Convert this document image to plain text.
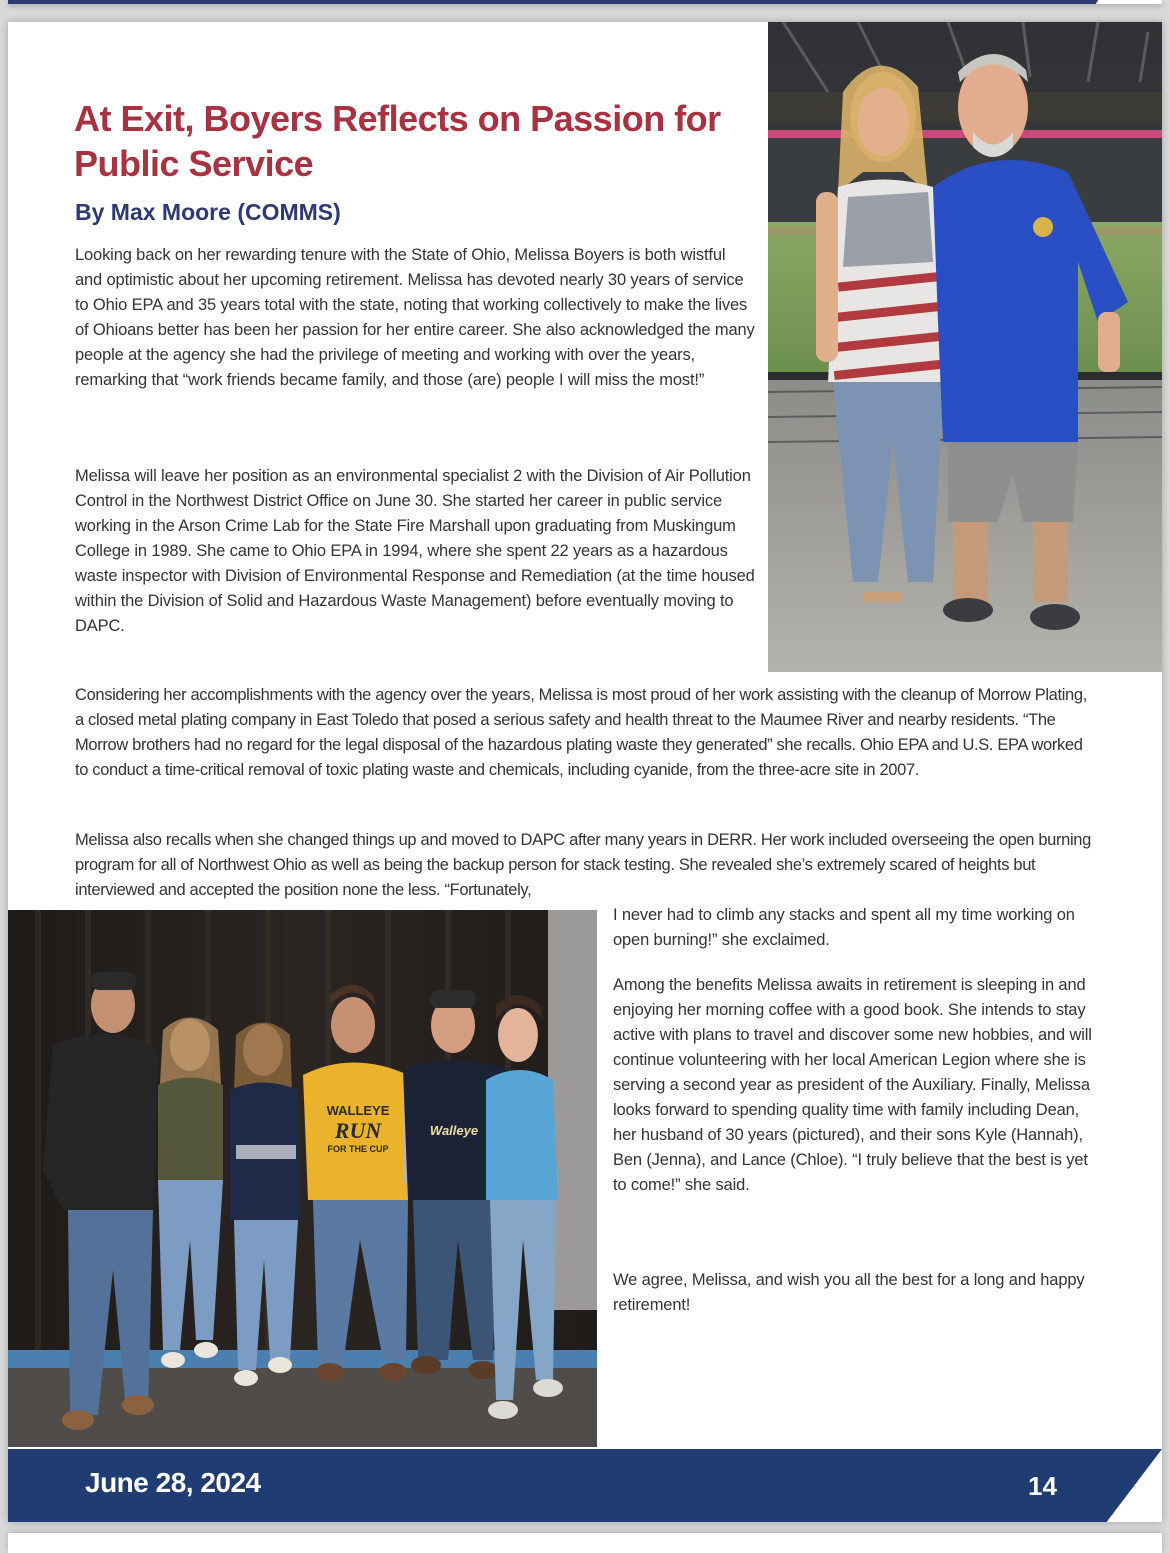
At Exit, Boyers Reflects on Passion for Public Service
By Max Moore (COMMS)

Looking back on her rewarding tenure with the State of Ohio, Melissa Boyers is both wistful and optimistic about her upcoming retirement. Melissa has devoted nearly 30 years of service to Ohio EPA and 35 years total with the state, noting that working collectively to make the lives of Ohioans better has been her passion for her entire career. She also acknowledged the many people at the agency she had the privilege of meeting and working with over the years, remarking that “work friends became family, and those (are) people I will miss the most!”

Melissa will leave her position as an environmental specialist 2 with the Division of Air Pollution Control in the Northwest District Office on June 30. She started her career in public service working in the Arson Crime Lab for the State Fire Marshall upon graduating from Muskingum College in 1989. She came to Ohio EPA in 1994, where she spent 22 years as a hazardous waste inspector with Division of Environmental Response and Remediation (at the time housed within the Division of Solid and Hazardous Waste Management) before eventually moving to DAPC.

Considering her accomplishments with the agency over the years, Melissa is most proud of her work assisting with the cleanup of Morrow Plating, a closed metal plating company in East Toledo that posed a serious safety and health threat to the Maumee River and nearby residents. “The Morrow brothers had no regard for the legal disposal of the hazardous plating waste they generated” she recalls. Ohio EPA and U.S. EPA worked to conduct a time-critical removal of toxic plating waste and chemicals, including cyanide, from the three-acre site in 2007.

Melissa also recalls when she changed things up and moved to DAPC after many years in DERR. Her work included overseeing the open burning program for all of Northwest Ohio as well as being the backup person for stack testing. She revealed she’s extremely scared of heights but interviewed and accepted the position none the less. “Fortunately,

I never had to climb any stacks and spent all my time working on open burning!” she exclaimed.

Among the benefits Melissa awaits in retirement is sleeping in and enjoying her morning coffee with a good book. She intends to stay active with plans to travel and discover some new hobbies, and will continue volunteering with her local American Legion where she is serving a second year as president of the Auxiliary. Finally, Melissa looks forward to spending quality time with family including Dean, her husband of 30 years (pictured), and their sons Kyle (Hannah), Ben (Jenna), and Lance (Chloe). “I truly believe that the best is yet to come!” she said.

We agree, Melissa, and wish you all the best for a long and happy retirement!

WALLEYE
RUN
FOR THE CUP
Walleye
June 28, 2024	14
